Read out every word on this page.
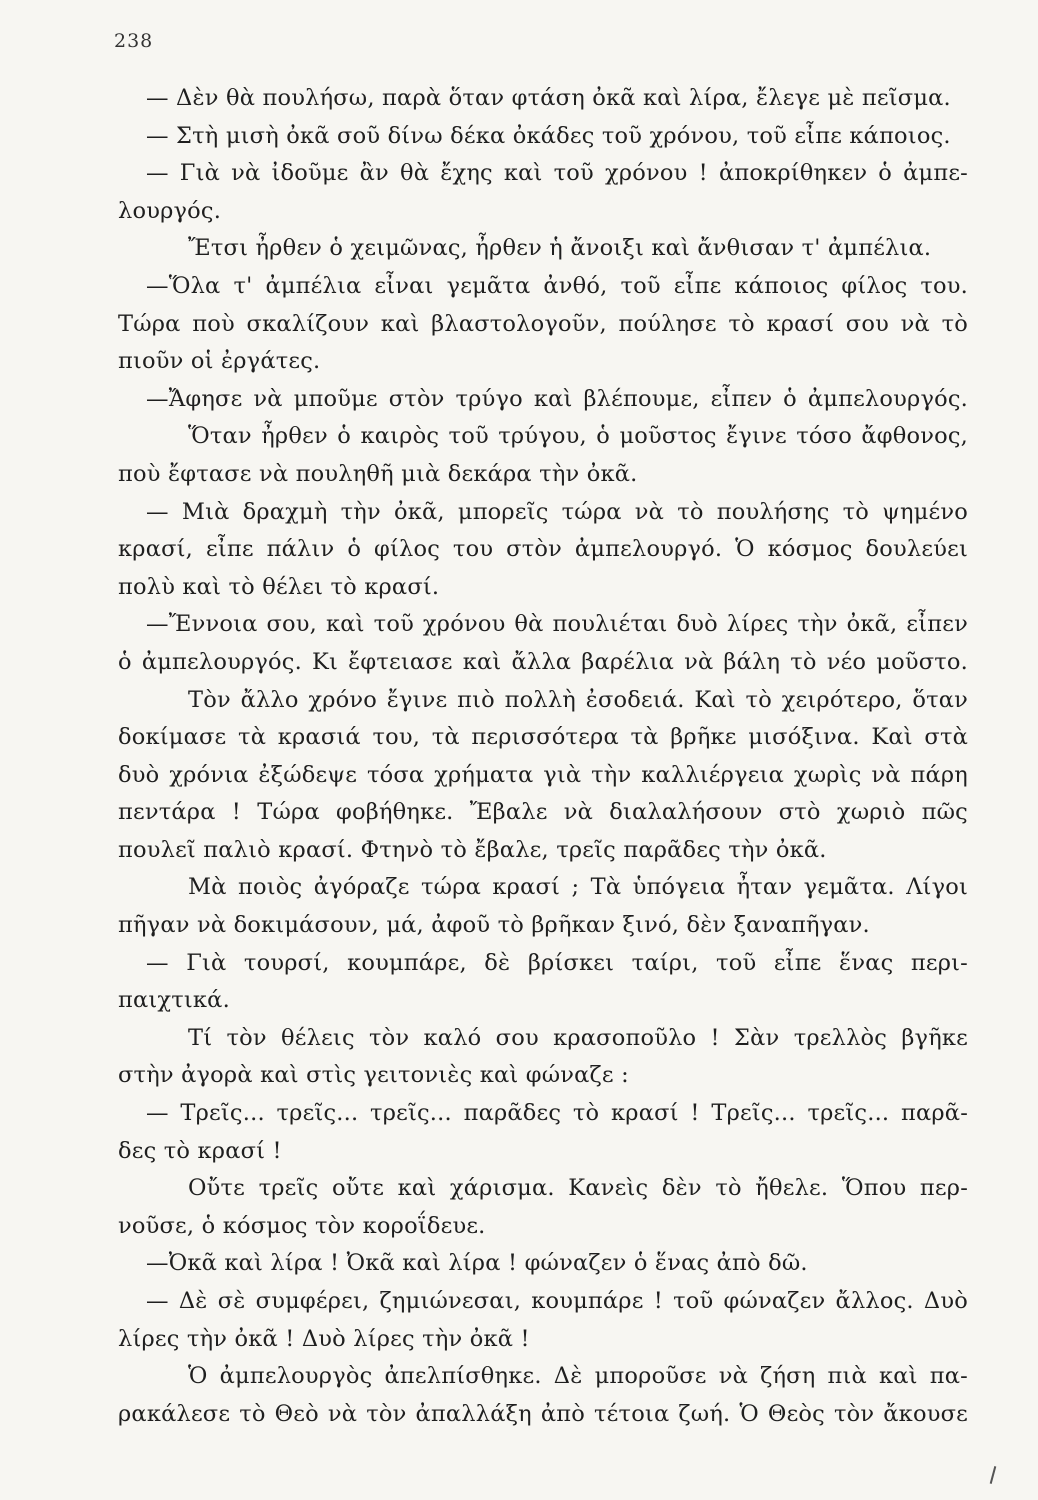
238
— Δὲν θὰ πουλήσω, παρὰ ὅταν φτάση ὀκᾶ καὶ λίρα, ἔλεγε μὲ πεῖσμα.
— Στὴ μισὴ ὀκᾶ σοῦ δίνω δέκα ὀκάδες τοῦ χρόνου, τοῦ εἶπε κάποιος.
— Γιὰ νὰ ἰδοῦμε ἂν θὰ ἔχης καὶ τοῦ χρόνου ! ἀποκρίθηκεν ὁ ἀμπε-
λουργός.
Ἔτσι ἦρθεν ὁ χειμῶνας, ἦρθεν ἡ ἄνοιξι καὶ ἄνθισαν τ' ἀμπέλια.
—Ὅλα τ' ἀμπέλια εἶναι γεμᾶτα ἀνθό, τοῦ εἶπε κάποιος φίλος του.
Τώρα ποὺ σκαλίζουν καὶ βλαστολογοῦν, πούλησε τὸ κρασί σου νὰ τὸ
πιοῦν οἱ ἐργάτες.
—Ἄφησε νὰ μποῦμε στὸν τρύγο καὶ βλέπουμε, εἶπεν ὁ ἀμπελουργός.
Ὅταν ἦρθεν ὁ καιρὸς τοῦ τρύγου, ὁ μοῦστος ἔγινε τόσο ἄφθονος,
ποὺ ἔφτασε νὰ πουληθῆ μιὰ δεκάρα τὴν ὀκᾶ.
— Μιὰ δραχμὴ τὴν ὀκᾶ, μπορεῖς τώρα νὰ τὸ πουλήσης τὸ ψημένο
κρασί, εἶπε πάλιν ὁ φίλος του στὸν ἀμπελουργό. Ὁ κόσμος δουλεύει
πολὺ καὶ τὸ θέλει τὸ κρασί.
—Ἔννοια σου, καὶ τοῦ χρόνου θὰ πουλιέται δυὸ λίρες τὴν ὀκᾶ, εἶπεν
ὁ ἀμπελουργός. Κι ἔφτειασε καὶ ἄλλα βαρέλια νὰ βάλη τὸ νέο μοῦστο.
Τὸν ἄλλο χρόνο ἔγινε πιὸ πολλὴ ἐσοδειά. Καὶ τὸ χειρότερο, ὅταν
δοκίμασε τὰ κρασιά του, τὰ περισσότερα τὰ βρῆκε μισόξινα. Καὶ στὰ
δυὸ χρόνια ἐξώδεψε τόσα χρήματα γιὰ τὴν καλλιέργεια χωρὶς νὰ πάρη
πεντάρα ! Τώρα φοβήθηκε. Ἔβαλε νὰ διαλαλήσουν στὸ χωριὸ πῶς
πουλεῖ παλιὸ κρασί. Φτηνὸ τὸ ἔβαλε, τρεῖς παρᾶδες τὴν ὀκᾶ.
Μὰ ποιὸς ἀγόραζε τώρα κρασί ; Τὰ ὑπόγεια ἦταν γεμᾶτα. Λίγοι
πῆγαν νὰ δοκιμάσουν, μά, ἀφοῦ τὸ βρῆκαν ξινό, δὲν ξαναπῆγαν.
— Γιὰ τουρσί, κουμπάρε, δὲ βρίσκει ταίρι, τοῦ εἶπε ἕνας περι-
παιχτικά.
Τί τὸν θέλεις τὸν καλό σου κρασοποῦλο ! Σὰν τρελλὸς βγῆκε
στὴν ἀγορὰ καὶ στὶς γειτονιὲς καὶ φώναζε :
— Τρεῖς... τρεῖς... τρεῖς... παρᾶδες τὸ κρασί ! Τρεῖς... τρεῖς... παρᾶ-
δες τὸ κρασί !
Οὔτε τρεῖς οὔτε καὶ χάρισμα. Κανεὶς δὲν τὸ ἤθελε. Ὅπου περ-
νοῦσε, ὁ κόσμος τὸν κοροΐδευε.
—Ὀκᾶ καὶ λίρα ! Ὀκᾶ καὶ λίρα ! φώναζεν ὁ ἕνας ἀπὸ δῶ.
— Δὲ σὲ συμφέρει, ζημιώνεσαι, κουμπάρε ! τοῦ φώναζεν ἄλλος. Δυὸ
λίρες τὴν ὀκᾶ ! Δυὸ λίρες τὴν ὀκᾶ !
Ὁ ἀμπελουργὸς ἀπελπίσθηκε. Δὲ μποροῦσε νὰ ζήση πιὰ καὶ πα-
ρακάλεσε τὸ Θεὸ νὰ τὸν ἀπαλλάξη ἀπὸ τέτοια ζωή. Ὁ Θεὸς τὸν ἄκουσε
